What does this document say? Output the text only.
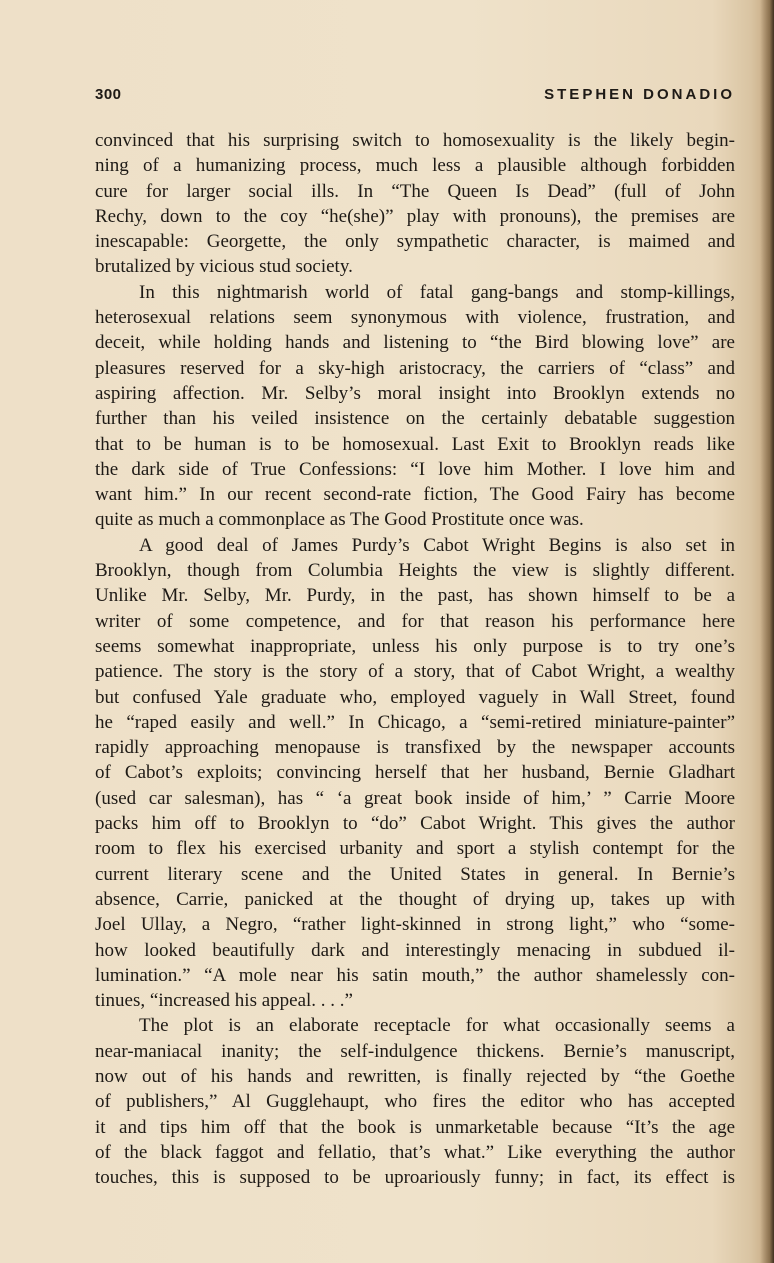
300	STEPHEN DONADIO
convinced that his surprising switch to homosexuality is the likely begin-
ning of a humanizing process, much less a plausible although forbidden
cure for larger social ills. In “The Queen Is Dead” (full of John
Rechy, down to the coy “he(she)” play with pronouns), the premises are
inescapable: Georgette, the only sympathetic character, is maimed and
brutalized by vicious stud society.
In this nightmarish world of fatal gang-bangs and stomp-killings,
heterosexual relations seem synonymous with violence, frustration, and
deceit, while holding hands and listening to “the Bird blowing love” are
pleasures reserved for a sky-high aristocracy, the carriers of “class” and
aspiring affection. Mr. Selby’s moral insight into Brooklyn extends no
further than his veiled insistence on the certainly debatable suggestion
that to be human is to be homosexual. Last Exit to Brooklyn reads like
the dark side of True Confessions: “I love him Mother. I love him and
want him.” In our recent second-rate fiction, The Good Fairy has become
quite as much a commonplace as The Good Prostitute once was.
A good deal of James Purdy’s Cabot Wright Begins is also set in
Brooklyn, though from Columbia Heights the view is slightly different.
Unlike Mr. Selby, Mr. Purdy, in the past, has shown himself to be a
writer of some competence, and for that reason his performance here
seems somewhat inappropriate, unless his only purpose is to try one’s
patience. The story is the story of a story, that of Cabot Wright, a wealthy
but confused Yale graduate who, employed vaguely in Wall Street, found
he “raped easily and well.” In Chicago, a “semi-retired miniature-painter”
rapidly approaching menopause is transfixed by the newspaper accounts
of Cabot’s exploits; convincing herself that her husband, Bernie Gladhart
(used car salesman), has “ ‘a great book inside of him,’ ” Carrie Moore
packs him off to Brooklyn to “do” Cabot Wright. This gives the author
room to flex his exercised urbanity and sport a stylish contempt for the
current literary scene and the United States in general. In Bernie’s
absence, Carrie, panicked at the thought of drying up, takes up with
Joel Ullay, a Negro, “rather light-skinned in strong light,” who “some-
how looked beautifully dark and interestingly menacing in subdued il-
lumination.” “A mole near his satin mouth,” the author shamelessly con-
tinues, “increased his appeal. . . .”
The plot is an elaborate receptacle for what occasionally seems a
near-maniacal inanity; the self-indulgence thickens. Bernie’s manuscript,
now out of his hands and rewritten, is finally rejected by “the Goethe
of publishers,” Al Gugglehaupt, who fires the editor who has accepted
it and tips him off that the book is unmarketable because “It’s the age
of the black faggot and fellatio, that’s what.” Like everything the author
touches, this is supposed to be uproariously funny; in fact, its effect is
